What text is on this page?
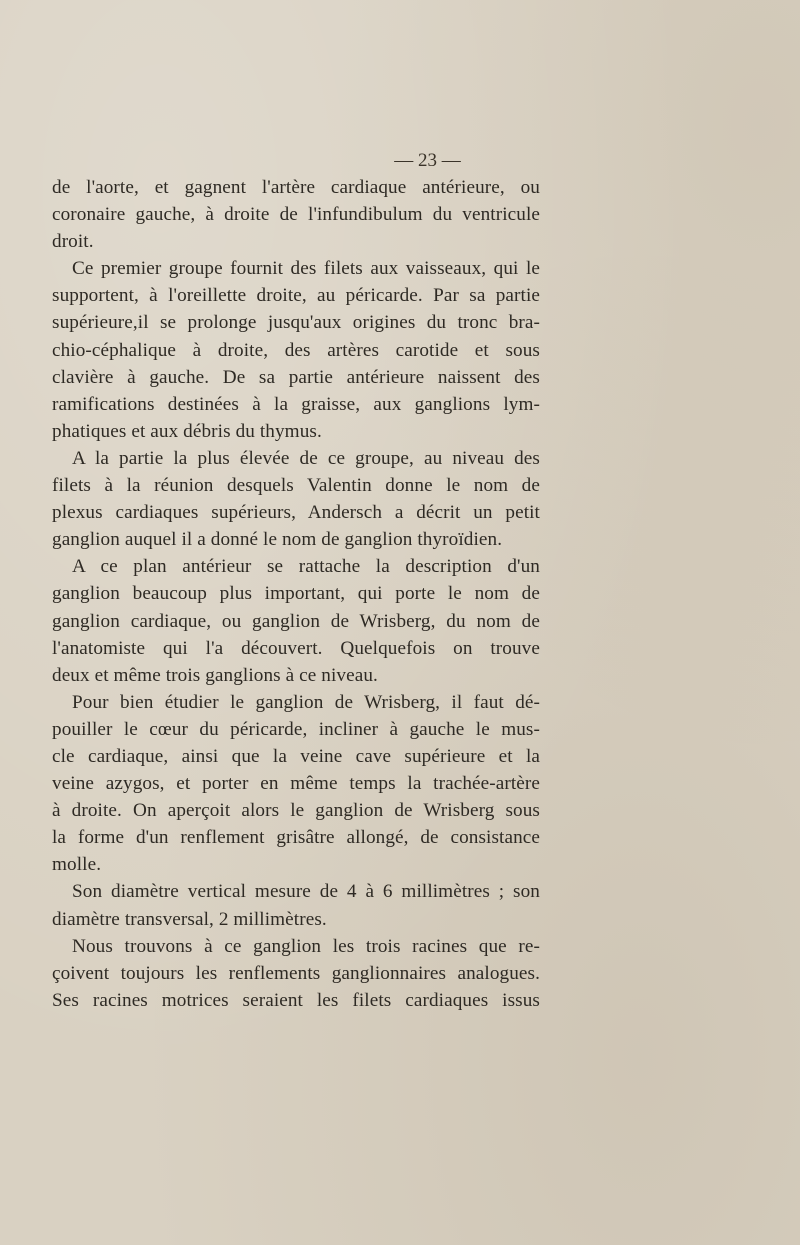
— 23 —
de l'aorte, et gagnent l'artère cardiaque antérieure, ou
coronaire gauche, à droite de l'infundibulum du ventricule
droit.
Ce premier groupe fournit des filets aux vaisseaux, qui le
supportent, à l'oreillette droite, au péricarde. Par sa partie
supérieure,il se prolonge jusqu'aux origines du tronc bra-
chio-céphalique à droite, des artères carotide et sous
clavière à gauche. De sa partie antérieure naissent des
ramifications destinées à la graisse, aux ganglions lym-
phatiques et aux débris du thymus.
A la partie la plus élevée de ce groupe, au niveau des
filets à la réunion desquels Valentin donne le nom de
plexus cardiaques supérieurs, Andersch a décrit un petit
ganglion auquel il a donné le nom de ganglion thyroïdien.
A ce plan antérieur se rattache la description d'un
ganglion beaucoup plus important, qui porte le nom de
ganglion cardiaque, ou ganglion de Wrisberg, du nom de
l'anatomiste qui l'a découvert. Quelquefois on trouve
deux et même trois ganglions à ce niveau.
Pour bien étudier le ganglion de Wrisberg, il faut dé-
pouiller le cœur du péricarde, incliner à gauche le mus-
cle cardiaque, ainsi que la veine cave supérieure et la
veine azygos, et porter en même temps la trachée-artère
à droite. On aperçoit alors le ganglion de Wrisberg sous
la forme d'un renflement grisâtre allongé, de consistance
molle.
Son diamètre vertical mesure de 4 à 6 millimètres ; son
diamètre transversal, 2 millimètres.
Nous trouvons à ce ganglion les trois racines que re-
çoivent toujours les renflements ganglionnaires analogues.
Ses racines motrices seraient les filets cardiaques issus
